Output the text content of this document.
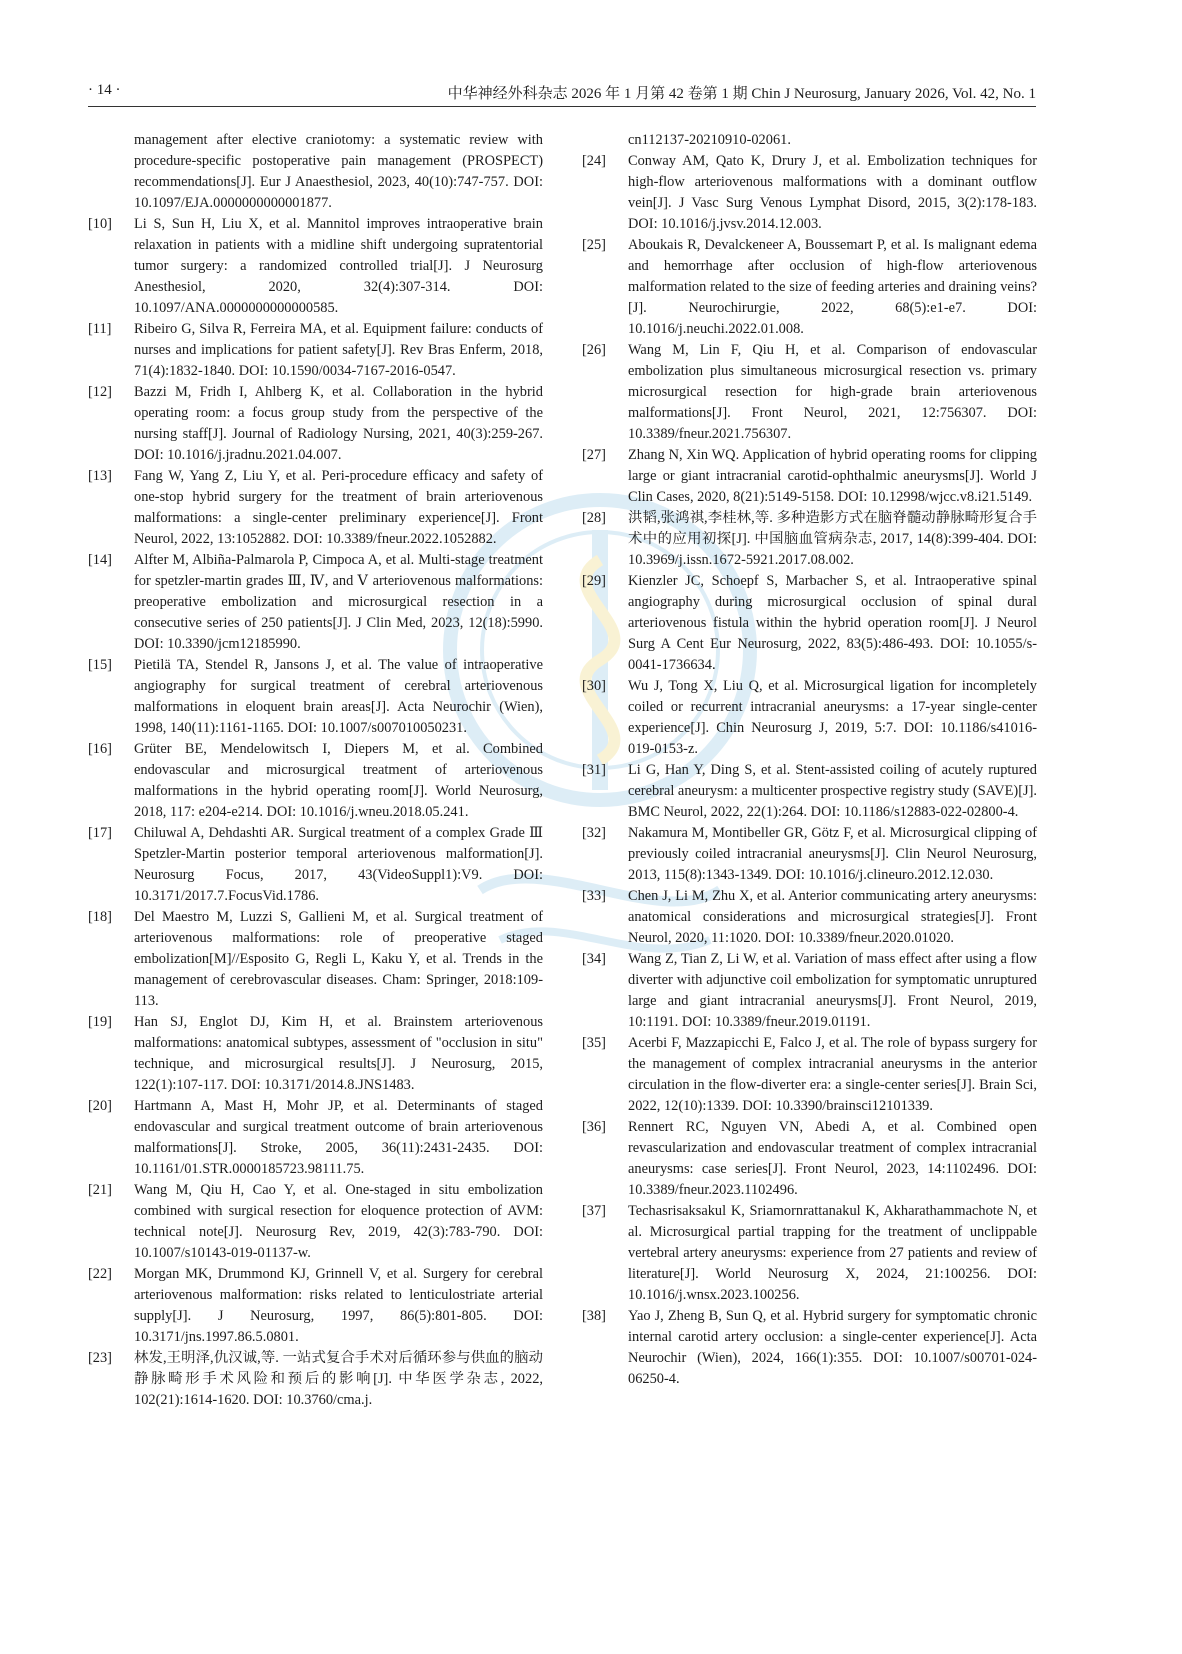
· 14 ·	中华神经外科杂志 2026 年 1 月第 42 卷第 1 期 Chin J Neurosurg, January 2026, Vol. 42, No. 1
management after elective craniotomy: a systematic review with procedure-specific postoperative pain management (PROSPECT) recommendations[J]. Eur J Anaesthesiol, 2023, 40(10):747-757. DOI: 10.1097/EJA.0000000000001877.
[10]	Li S, Sun H, Liu X, et al. Mannitol improves intraoperative brain relaxation in patients with a midline shift undergoing supratentorial tumor surgery: a randomized controlled trial[J]. J Neurosurg Anesthesiol, 2020, 32(4):307-314. DOI: 10.1097/ANA.0000000000000585.
[11]	Ribeiro G, Silva R, Ferreira MA, et al. Equipment failure: conducts of nurses and implications for patient safety[J]. Rev Bras Enferm, 2018, 71(4):1832-1840. DOI: 10.1590/0034-7167-2016-0547.
[12]	Bazzi M, Fridh I, Ahlberg K, et al. Collaboration in the hybrid operating room: a focus group study from the perspective of the nursing staff[J]. Journal of Radiology Nursing, 2021, 40(3):259-267. DOI: 10.1016/j.jradnu.2021.04.007.
[13]	Fang W, Yang Z, Liu Y, et al. Peri-procedure efficacy and safety of one-stop hybrid surgery for the treatment of brain arteriovenous malformations: a single-center preliminary experience[J]. Front Neurol, 2022, 13:1052882. DOI: 10.3389/fneur.2022.1052882.
[14]	Alfter M, Albiña-Palmarola P, Cimpoca A, et al. Multi-stage treatment for spetzler-martin grades Ⅲ, Ⅳ, and Ⅴ arteriovenous malformations: preoperative embolization and microsurgical resection in a consecutive series of 250 patients[J]. J Clin Med, 2023, 12(18):5990. DOI: 10.3390/jcm12185990.
[15]	Pietilä TA, Stendel R, Jansons J, et al. The value of intraoperative angiography for surgical treatment of cerebral arteriovenous malformations in eloquent brain areas[J]. Acta Neurochir (Wien), 1998, 140(11):1161-1165. DOI: 10.1007/s007010050231.
[16]	Grüter BE, Mendelowitsch I, Diepers M, et al. Combined endovascular and microsurgical treatment of arteriovenous malformations in the hybrid operating room[J]. World Neurosurg, 2018, 117: e204-e214. DOI: 10.1016/j.wneu.2018.05.241.
[17]	Chiluwal A, Dehdashti AR. Surgical treatment of a complex Grade Ⅲ Spetzler-Martin posterior temporal arteriovenous malformation[J]. Neurosurg Focus, 2017, 43(VideoSuppl1):V9. DOI: 10.3171/2017.7.FocusVid.1786.
[18]	Del Maestro M, Luzzi S, Gallieni M, et al. Surgical treatment of arteriovenous malformations: role of preoperative staged embolization[M]//Esposito G, Regli L, Kaku Y, et al. Trends in the management of cerebrovascular diseases. Cham: Springer, 2018:109-113.
[19]	Han SJ, Englot DJ, Kim H, et al. Brainstem arteriovenous malformations: anatomical subtypes, assessment of "occlusion in situ" technique, and microsurgical results[J]. J Neurosurg, 2015, 122(1):107-117. DOI: 10.3171/2014.8.JNS1483.
[20]	Hartmann A, Mast H, Mohr JP, et al. Determinants of staged endovascular and surgical treatment outcome of brain arteriovenous malformations[J]. Stroke, 2005, 36(11):2431-2435. DOI: 10.1161/01.STR.0000185723.98111.75.
[21]	Wang M, Qiu H, Cao Y, et al. One-staged in situ embolization combined with surgical resection for eloquence protection of AVM: technical note[J]. Neurosurg Rev, 2019, 42(3):783-790. DOI: 10.1007/s10143-019-01137-w.
[22]	Morgan MK, Drummond KJ, Grinnell V, et al. Surgery for cerebral arteriovenous malformation: risks related to lenticulostriate arterial supply[J]. J Neurosurg, 1997, 86(5):801-805. DOI: 10.3171/jns.1997.86.5.0801.
[23]	林发,王明泽,仇汉诚,等. 一站式复合手术对后循环参与供血的脑动静脉畸形手术风险和预后的影响[J]. 中华医学杂志, 2022, 102(21):1614-1620. DOI: 10.3760/cma.j.
cn112137-20210910-02061.
[24]	Conway AM, Qato K, Drury J, et al. Embolization techniques for high-flow arteriovenous malformations with a dominant outflow vein[J]. J Vasc Surg Venous Lymphat Disord, 2015, 3(2):178-183. DOI: 10.1016/j.jvsv.2014.12.003.
[25]	Aboukais R, Devalckeneer A, Boussemart P, et al. Is malignant edema and hemorrhage after occlusion of high-flow arteriovenous malformation related to the size of feeding arteries and draining veins?[J]. Neurochirurgie, 2022, 68(5):e1-e7. DOI: 10.1016/j.neuchi.2022.01.008.
[26]	Wang M, Lin F, Qiu H, et al. Comparison of endovascular embolization plus simultaneous microsurgical resection vs. primary microsurgical resection for high-grade brain arteriovenous malformations[J]. Front Neurol, 2021, 12:756307. DOI: 10.3389/fneur.2021.756307.
[27]	Zhang N, Xin WQ. Application of hybrid operating rooms for clipping large or giant intracranial carotid-ophthalmic aneurysms[J]. World J Clin Cases, 2020, 8(21):5149-5158. DOI: 10.12998/wjcc.v8.i21.5149.
[28]	洪韬,张鸿祺,李桂林,等. 多种造影方式在脑脊髓动静脉畸形复合手术中的应用初探[J]. 中国脑血管病杂志, 2017, 14(8):399-404. DOI: 10.3969/j.issn.1672-5921.2017.08.002.
[29]	Kienzler JC, Schoepf S, Marbacher S, et al. Intraoperative spinal angiography during microsurgical occlusion of spinal dural arteriovenous fistula within the hybrid operation room[J]. J Neurol Surg A Cent Eur Neurosurg, 2022, 83(5):486-493. DOI: 10.1055/s-0041-1736634.
[30]	Wu J, Tong X, Liu Q, et al. Microsurgical ligation for incompletely coiled or recurrent intracranial aneurysms: a 17-year single-center experience[J]. Chin Neurosurg J, 2019, 5:7. DOI: 10.1186/s41016-019-0153-z.
[31]	Li G, Han Y, Ding S, et al. Stent-assisted coiling of acutely ruptured cerebral aneurysm: a multicenter prospective registry study (SAVE)[J]. BMC Neurol, 2022, 22(1):264. DOI: 10.1186/s12883-022-02800-4.
[32]	Nakamura M, Montibeller GR, Götz F, et al. Microsurgical clipping of previously coiled intracranial aneurysms[J]. Clin Neurol Neurosurg, 2013, 115(8):1343-1349. DOI: 10.1016/j.clineuro.2012.12.030.
[33]	Chen J, Li M, Zhu X, et al. Anterior communicating artery aneurysms: anatomical considerations and microsurgical strategies[J]. Front Neurol, 2020, 11:1020. DOI: 10.3389/fneur.2020.01020.
[34]	Wang Z, Tian Z, Li W, et al. Variation of mass effect after using a flow diverter with adjunctive coil embolization for symptomatic unruptured large and giant intracranial aneurysms[J]. Front Neurol, 2019, 10:1191. DOI: 10.3389/fneur.2019.01191.
[35]	Acerbi F, Mazzapicchi E, Falco J, et al. The role of bypass surgery for the management of complex intracranial aneurysms in the anterior circulation in the flow-diverter era: a single-center series[J]. Brain Sci, 2022, 12(10):1339. DOI: 10.3390/brainsci12101339.
[36]	Rennert RC, Nguyen VN, Abedi A, et al. Combined open revascularization and endovascular treatment of complex intracranial aneurysms: case series[J]. Front Neurol, 2023, 14:1102496. DOI: 10.3389/fneur.2023.1102496.
[37]	Techasrisaksakul K, Sriamornrattanakul K, Akharathammachote N, et al. Microsurgical partial trapping for the treatment of unclippable vertebral artery aneurysms: experience from 27 patients and review of literature[J]. World Neurosurg X, 2024, 21:100256. DOI: 10.1016/j.wnsx.2023.100256.
[38]	Yao J, Zheng B, Sun Q, et al. Hybrid surgery for symptomatic chronic internal carotid artery occlusion: a single-center experience[J]. Acta Neurochir (Wien), 2024, 166(1):355. DOI: 10.1007/s00701-024-06250-4.
